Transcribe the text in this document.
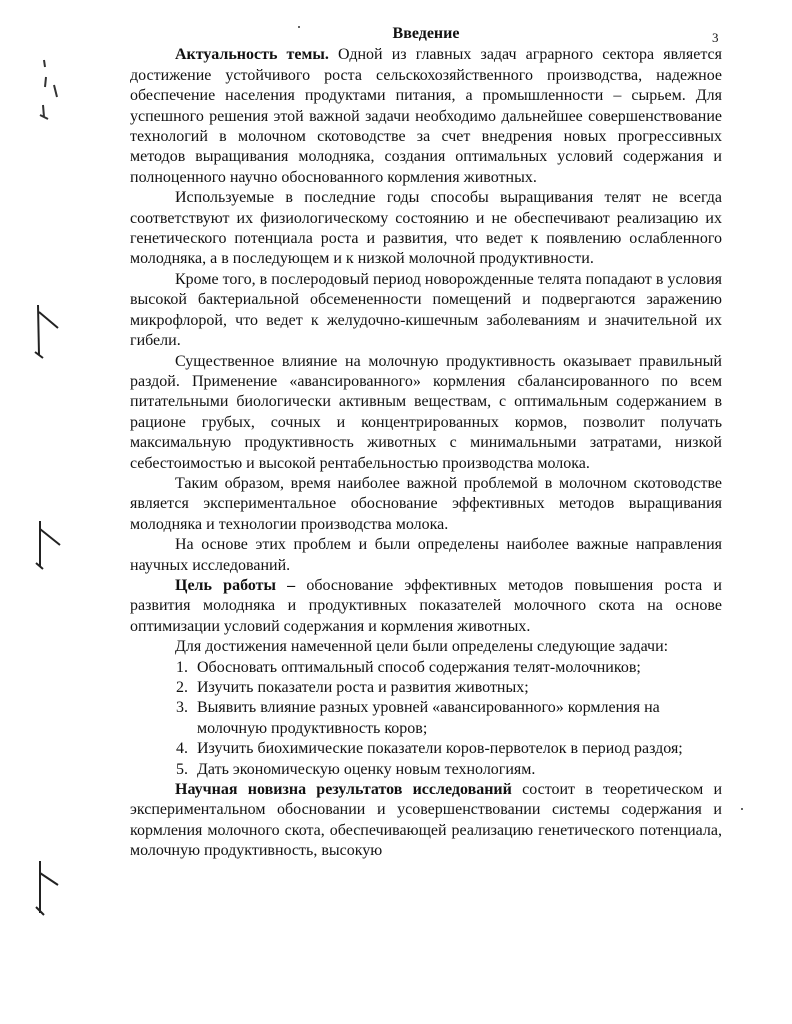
3
Введение

Актуальность темы. Одной из главных задач аграрного сектора является достижение устойчивого роста сельскохозяйственного производства, надежное обеспечение населения продуктами питания, а промышленности – сырьем. Для успешного решения этой важной задачи необходимо дальнейшее совершенствование технологий в молочном скотоводстве за счет внедрения новых прогрессивных методов выращивания молодняка, создания оптимальных условий содержания и полноценного научно обоснованного кормления животных.

Используемые в последние годы способы выращивания телят не всегда соответствуют их физиологическому состоянию и не обеспечивают реализацию их генетического потенциала роста и развития, что ведет к появлению ослабленного молодняка, а в последующем и к низкой молочной продуктивности.

Кроме того, в послеродовый период новорожденные телята попадают в условия высокой бактериальной обсемененности помещений и подвергаются заражению микрофлорой, что ведет к желудочно-кишечным заболеваниям и значительной их гибели.

Существенное влияние на молочную продуктивность оказывает правильный раздой. Применение «авансированного» кормления сбалансированного по всем питательными биологически активным веществам, с оптимальным содержанием в рационе грубых, сочных и концентрированных кормов, позволит получать максимальную продуктивность животных с минимальными затратами, низкой себестоимостью и высокой рентабельностью производства молока.

Таким образом, время наиболее важной проблемой в молочном скотоводстве является экспериментальное обоснование эффективных методов выращивания молодняка и технологии производства молока.

На основе этих проблем и были определены наиболее важные направления научных исследований.

Цель работы – обоснование эффективных методов повышения роста и развития молодняка и продуктивных показателей молочного скота на основе оптимизации условий содержания и кормления животных.

Для достижения намеченной цели были определены следующие задачи:

1. Обосновать оптимальный способ содержания телят-молочников;
2. Изучить показатели роста и развития животных;
3. Выявить влияние разных уровней «авансированного» кормления на молочную продуктивность коров;
4. Изучить биохимические показатели коров-первотелок в период раздоя;
5. Дать экономическую оценку новым технологиям.

Научная новизна результатов исследований состоит в теоретическом и экспериментальном обосновании и усовершенствовании системы содержания и кормления молочного скота, обеспечивающей реализацию генетического потенциала, молочную продуктивность, высокую
